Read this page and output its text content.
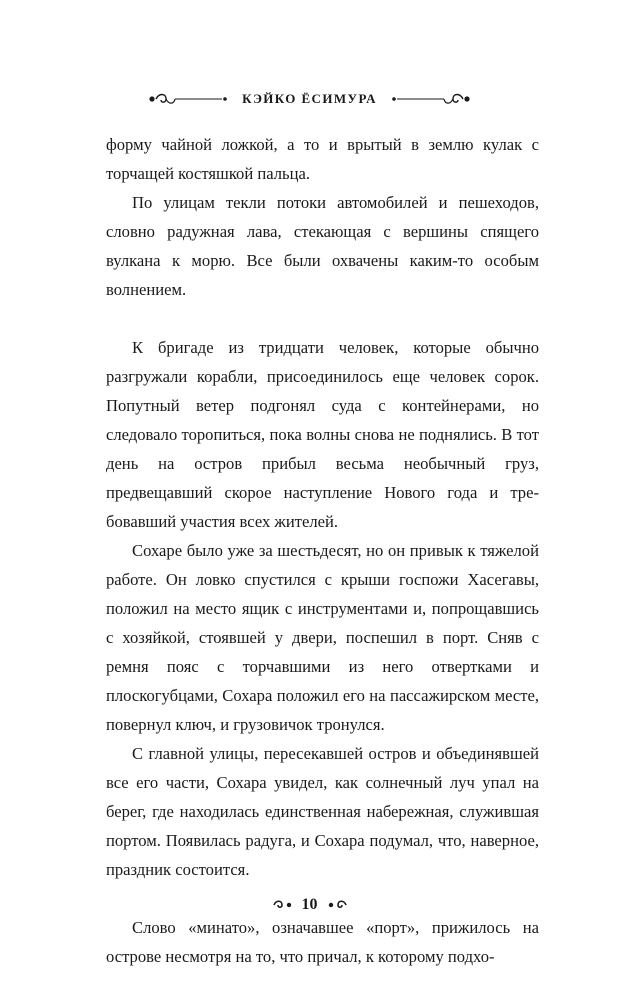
КЭЙКО ЁСИМУРА

форму чайной ложкой, а то и врытый в землю кулак с торчащей костяшкой пальца.

По улицам текли потоки автомобилей и пешеходов, словно радужная лава, стекающая с вершины спящего вулкана к морю. Все были охвачены каким-то особым волнением.

К бригаде из тридцати человек, которые обычно разгружали корабли, присоединилось еще человек сорок. Попутный ветер подгонял суда с контейнерами, но следовало торопиться, пока волны снова не поднялись. В тот день на остров прибыл весьма необычный груз, предвещавший скорое наступление Нового года и требовавший участия всех жителей.

Сохаре было уже за шестьдесят, но он привык к тяжелой работе. Он ловко спустился с крыши госпожи Хасегавы, положил на место ящик с инструментами и, попрощавшись с хозяйкой, стоявшей у двери, поспешил в порт. Сняв с ремня пояс с торчавшими из него отвертками и плоскогубцами, Сохара положил его на пассажирском месте, повернул ключ, и грузовичок тронулся.

С главной улицы, пересекавшей остров и объединявшей все его части, Сохара увидел, как солнечный луч упал на берег, где находилась единственная набережная, служившая портом. Появилась радуга, и Сохара подумал, что, наверное, праздник состоится.

Слово «минато», означавшее «порт», прижилось на острове несмотря на то, что причал, к которому подхо-

10
